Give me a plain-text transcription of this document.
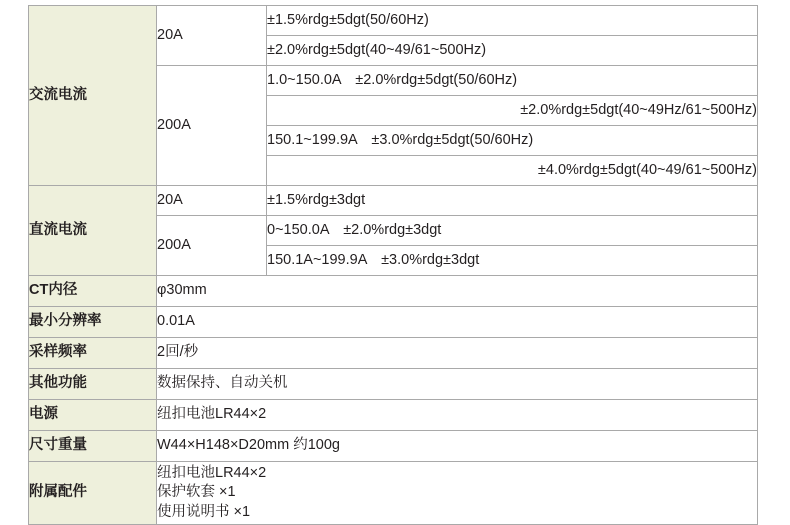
交流电流	20A	±1.5%rdg±5dgt(50/60Hz)
		±2.0%rdg±5dgt(40~49/61~500Hz)
	200A	1.0~150.0A　±2.0%rdg±5dgt(50/60Hz)
		±2.0%rdg±5dgt(40~49Hz/61~500Hz)
		150.1~199.9A　±3.0%rdg±5dgt(50/60Hz)
		±4.0%rdg±5dgt(40~49/61~500Hz)
直流电流	20A	±1.5%rdg±3dgt
	200A	0~150.0A　±2.0%rdg±3dgt
		150.1A~199.9A　±3.0%rdg±3dgt
CT内径	φ30mm	
最小分辨率	0.01A	
采样频率	2回/秒	
其他功能	数据保持、自动关机	
电源	纽扣电池LR44×2	
尺寸重量	W44×H148×D20mm 约100g	
附属配件	纽扣电池LR44×2
保护软套 ×1
使用说明书 ×1	
